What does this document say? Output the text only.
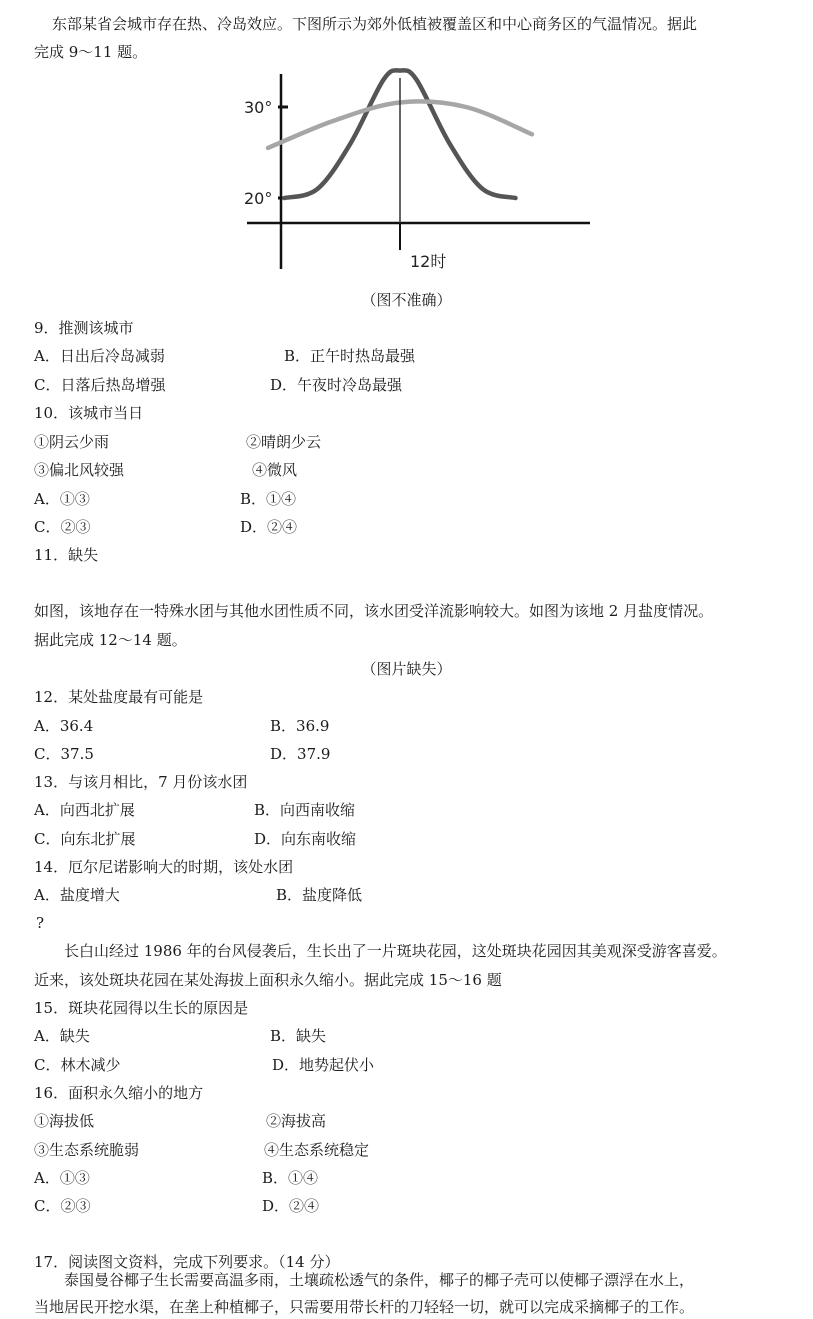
东部某省会城市存在热、冷岛效应。下图所示为郊外低植被覆盖区和中心商务区的气温情况。据此
完成 9～11 题。
30°
20°
12时
（图不准确）
9．推测该城市
A．日出后冷岛减弱	B．正午时热岛最强
C．日落后热岛增强	D．午夜时冷岛最强
10．该城市当日
①阴云少雨	②晴朗少云
③偏北风较强	④微风
A．①③	B．①④
C．②③	D．②④
11．缺失
如图，该地存在一特殊水团与其他水团性质不同，该水团受洋流影响较大。如图为该地 2 月盐度情况。
据此完成 12～14 题。
（图片缺失）
12．某处盐度最有可能是
A．36.4	B．36.9
C．37.5	D．37.9
13．与该月相比，7 月份该水团
A．向西北扩展	B．向西南收缩
C．向东北扩展	D．向东南收缩
14．厄尔尼诺影响大的时期，该处水团
A．盐度增大	B．盐度降低
?
长白山经过 1986 年的台风侵袭后，生长出了一片斑块花园，这处斑块花园因其美观深受游客喜爱。
近来，该处斑块花园在某处海拔上面积永久缩小。据此完成 15～16 题
15．斑块花园得以生长的原因是
A．缺失	B．缺失
C．林木减少	D．地势起伏小
16．面积永久缩小的地方
①海拔低	②海拔高
③生态系统脆弱	④生态系统稳定
A．①③	B．①④
C．②③	D．②④
17．阅读图文资料，完成下列要求。（14 分）
泰国曼谷椰子生长需要高温多雨，土壤疏松透气的条件，椰子的椰子壳可以使椰子漂浮在水上，
当地居民开挖水渠，在垄上种植椰子，只需要用带长杆的刀轻轻一切，就可以完成采摘椰子的工作。
